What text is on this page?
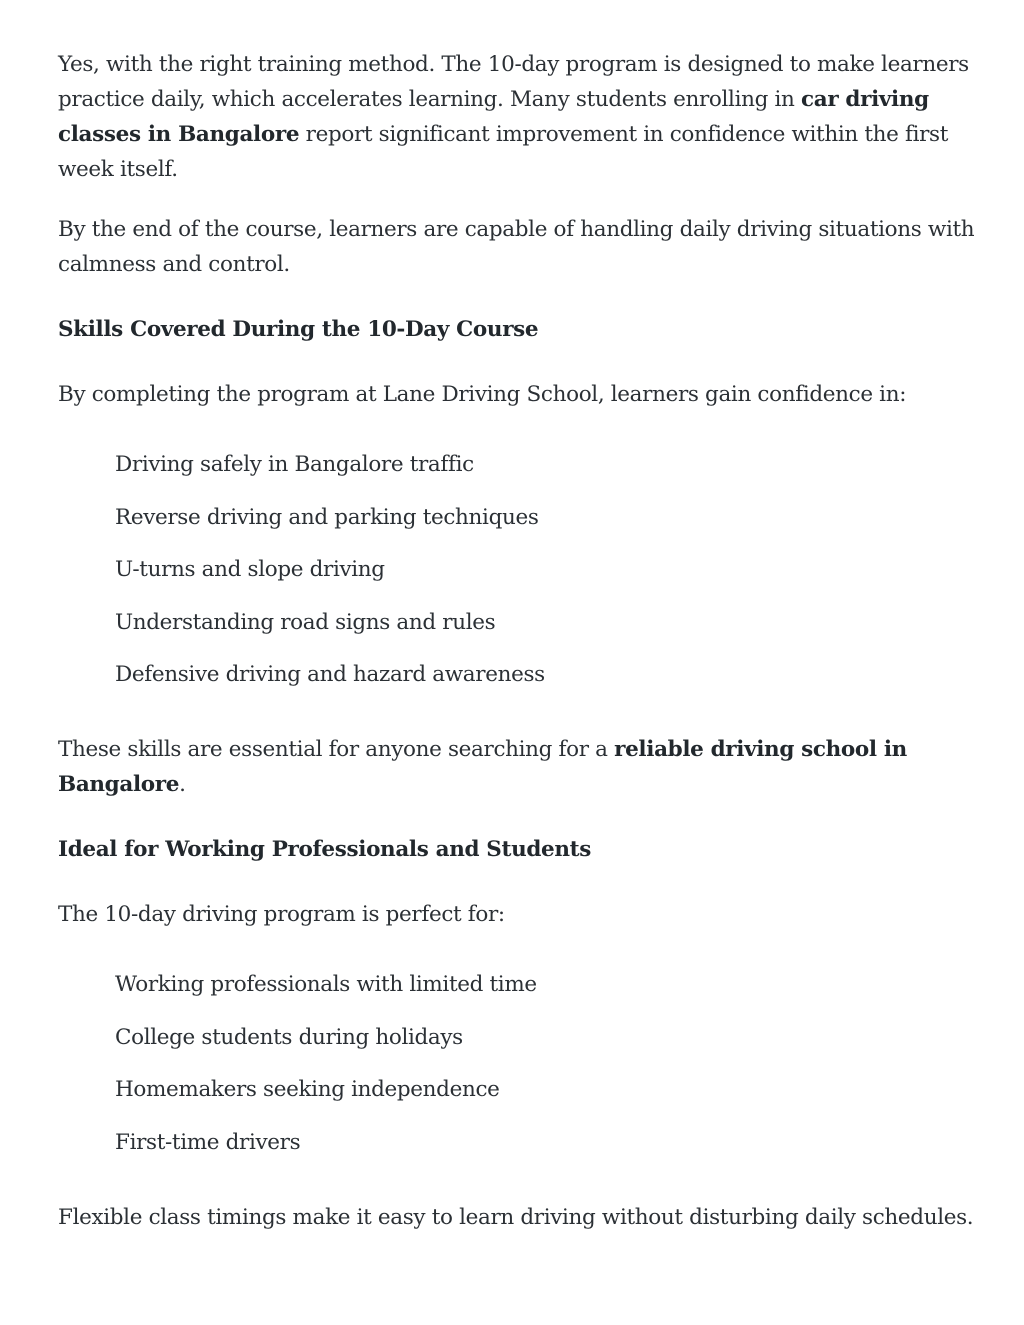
Yes, with the right training method. The 10-day program is designed to make learners practice daily, which accelerates learning. Many students enrolling in car driving classes in Bangalore report significant improvement in confidence within the first week itself.

By the end of the course, learners are capable of handling daily driving situations with calmness and control.

Skills Covered During the 10-Day Course

By completing the program at Lane Driving School, learners gain confidence in:

Driving safely in Bangalore traffic
Reverse driving and parking techniques
U-turns and slope driving
Understanding road signs and rules
Defensive driving and hazard awareness

These skills are essential for anyone searching for a reliable driving school in Bangalore.

Ideal for Working Professionals and Students

The 10-day driving program is perfect for:

Working professionals with limited time
College students during holidays
Homemakers seeking independence
First-time drivers

Flexible class timings make it easy to learn driving without disturbing daily schedules.
